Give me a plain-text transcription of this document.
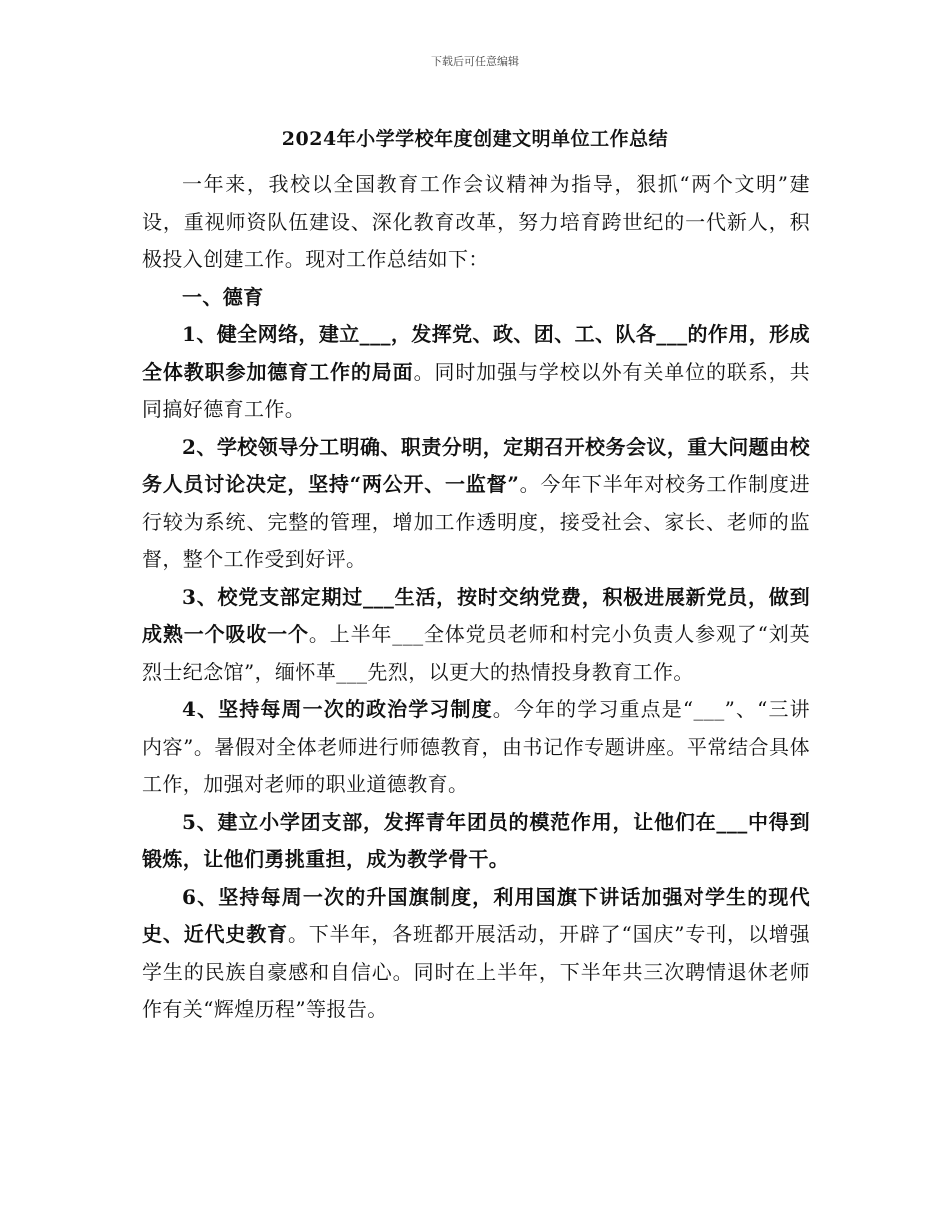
下载后可任意编辑
2024年小学学校年度创建文明单位工作总结

一年来，我校以全国教育工作会议精神为指导，狠抓“两个文明”建设，重视师资队伍建设、深化教育改革，努力培育跨世纪的一代新人，积极投入创建工作。现对工作总结如下：

一、德育

1、健全网络，建立___，发挥党、政、团、工、队各___的作用，形成全体教职参加德育工作的局面。同时加强与学校以外有关单位的联系，共同搞好德育工作。

2、学校领导分工明确、职责分明，定期召开校务会议，重大问题由校务人员讨论决定，坚持“两公开、一监督”。今年下半年对校务工作制度进行较为系统、完整的管理，增加工作透明度，接受社会、家长、老师的监督，整个工作受到好评。

3、校党支部定期过___生活，按时交纳党费，积极进展新党员，做到成熟一个吸收一个。上半年___全体党员老师和村完小负责人参观了“刘英烈士纪念馆”，缅怀革___先烈，以更大的热情投身教育工作。

4、坚持每周一次的政治学习制度。今年的学习重点是“___”、“三讲内容”。暑假对全体老师进行师德教育，由书记作专题讲座。平常结合具体工作，加强对老师的职业道德教育。

5、建立小学团支部，发挥青年团员的模范作用，让他们在___中得到锻炼，让他们勇挑重担，成为教学骨干。

6、坚持每周一次的升国旗制度，利用国旗下讲话加强对学生的现代史、近代史教育。下半年，各班都开展活动，开辟了“国庆”专刊，以增强学生的民族自豪感和自信心。同时在上半年，下半年共三次聘情退休老师作有关“辉煌历程”等报告。
